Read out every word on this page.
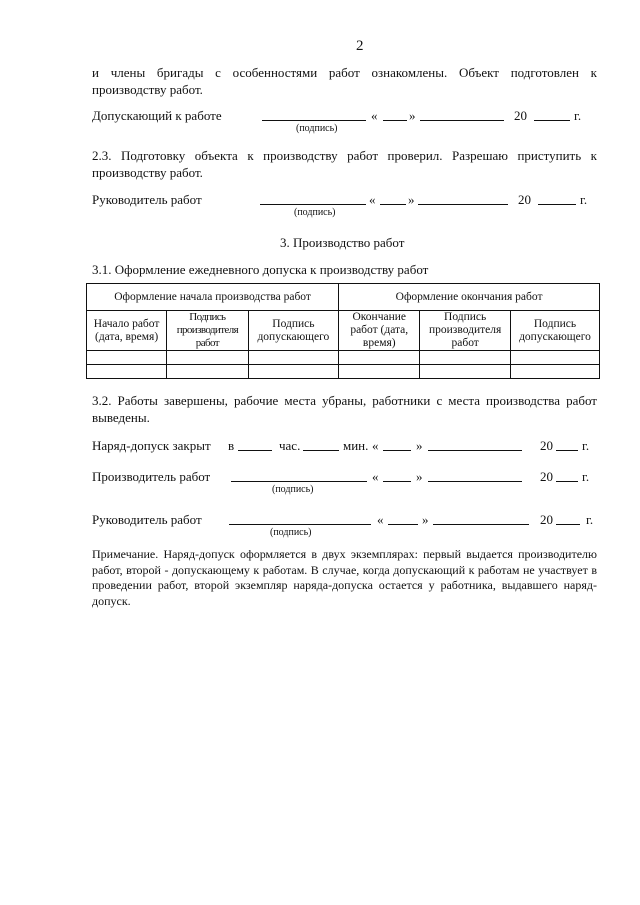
2
и члены бригады с особенностями работ ознакомлены. Объект подготовлен к производству работ.
Допускающий к работе	« »	20	г.
(подпись)
2.3. Подготовку объекта к производству работ проверил. Разрешаю приступить к производству работ.
Руководитель работ	«	»	20	г.
(подпись)
3. Производство работ
3.1. Оформление ежедневного допуска к производству работ
Оформление начала производства работ			Оформление окончания работ		
Начало работ (дата, время)	Подпись производителя работ	Подпись допускающего	Окончание работ (дата, время)	Подпись производителя работ	Подпись допускающего

3.2. Работы завершены, рабочие места убраны, работники с места производства работ выведены.
Наряд-допуск закрыт в	час.	мин. «	»	20 г.
Производитель работ	«	»	20 г.
(подпись)
Руководитель работ	«	»	20	г.
(подпись)
Примечание. Наряд-допуск оформляется в двух экземплярах: первый выдается производителю работ, второй - допускающему к работам. В случае, когда допускающий к работам не участвует в проведении работ, второй экземпляр наряда-допуска остается у работника, выдавшего наряд-допуск.
